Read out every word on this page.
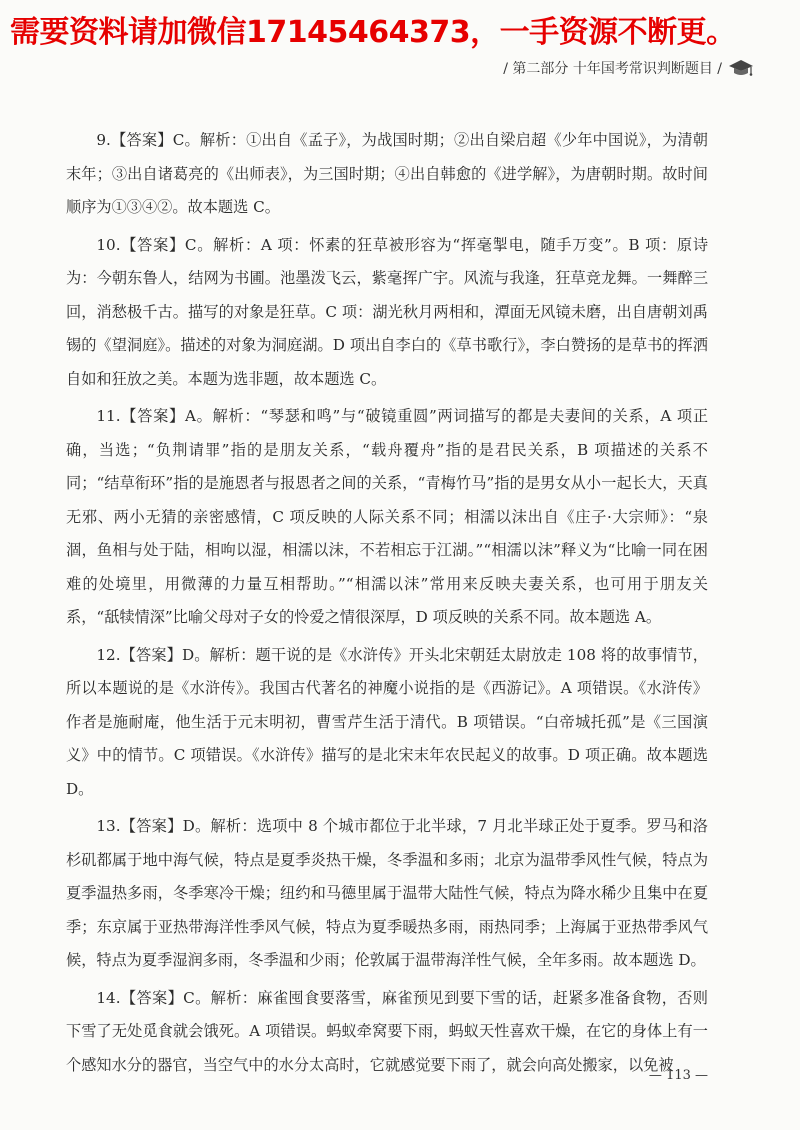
需要资料请加微信17145464373，一手资源不断更。
/ 第二部分 十年国考常识判断题目 /

9.【答案】C。解析：①出自《孟子》，为战国时期；②出自梁启超《少年中国说》，为清朝末年；③出自诸葛亮的《出师表》，为三国时期；④出自韩愈的《进学解》，为唐朝时期。故时间顺序为①③④②。故本题选 C。

10.【答案】C。解析：A 项：怀素的狂草被形容为“挥毫掣电，随手万变”。B 项：原诗为：今朝东鲁人，结网为书圃。池墨泼飞云，紫毫挥广宇。风流与我逢，狂草竞龙舞。一舞醉三回，消愁极千古。描写的对象是狂草。C 项：湖光秋月两相和，潭面无风镜未磨，出自唐朝刘禹锡的《望洞庭》。描述的对象为洞庭湖。D 项出自李白的《草书歌行》，李白赞扬的是草书的挥洒自如和狂放之美。本题为选非题，故本题选 C。

11.【答案】A。解析：“琴瑟和鸣”与“破镜重圆”两词描写的都是夫妻间的关系，A 项正确，当选；“负荆请罪”指的是朋友关系，“载舟覆舟”指的是君民关系，B 项描述的关系不同；“结草衔环”指的是施恩者与报恩者之间的关系，“青梅竹马”指的是男女从小一起长大，天真无邪、两小无猜的亲密感情，C 项反映的人际关系不同；相濡以沫出自《庄子·大宗师》：“泉涸，鱼相与处于陆，相呴以湿，相濡以沫，不若相忘于江湖。”“相濡以沫”释义为“比喻一同在困难的处境里，用微薄的力量互相帮助。”“相濡以沫”常用来反映夫妻关系，也可用于朋友关系，“舐犊情深”比喻父母对子女的怜爱之情很深厚，D 项反映的关系不同。故本题选 A。

12.【答案】D。解析：题干说的是《水浒传》开头北宋朝廷太尉放走 108 将的故事情节，所以本题说的是《水浒传》。我国古代著名的神魔小说指的是《西游记》。A 项错误。《水浒传》作者是施耐庵，他生活于元末明初，曹雪芹生活于清代。B 项错误。“白帝城托孤”是《三国演义》中的情节。C 项错误。《水浒传》描写的是北宋末年农民起义的故事。D 项正确。故本题选 D。

13.【答案】D。解析：选项中 8 个城市都位于北半球，7 月北半球正处于夏季。罗马和洛杉矶都属于地中海气候，特点是夏季炎热干燥，冬季温和多雨；北京为温带季风性气候，特点为夏季温热多雨，冬季寒冷干燥；纽约和马德里属于温带大陆性气候，特点为降水稀少且集中在夏季；东京属于亚热带海洋性季风气候，特点为夏季暖热多雨，雨热同季；上海属于亚热带季风气候，特点为夏季湿润多雨，冬季温和少雨；伦敦属于温带海洋性气候，全年多雨。故本题选 D。

14.【答案】C。解析：麻雀囤食要落雪，麻雀预见到要下雪的话，赶紧多准备食物，否则下雪了无处觅食就会饿死。A 项错误。蚂蚁牵窝要下雨，蚂蚁天性喜欢干燥，在它的身体上有一个感知水分的器官，当空气中的水分太高时，它就感觉要下雨了，就会向高处搬家，以免被

— 113 —
